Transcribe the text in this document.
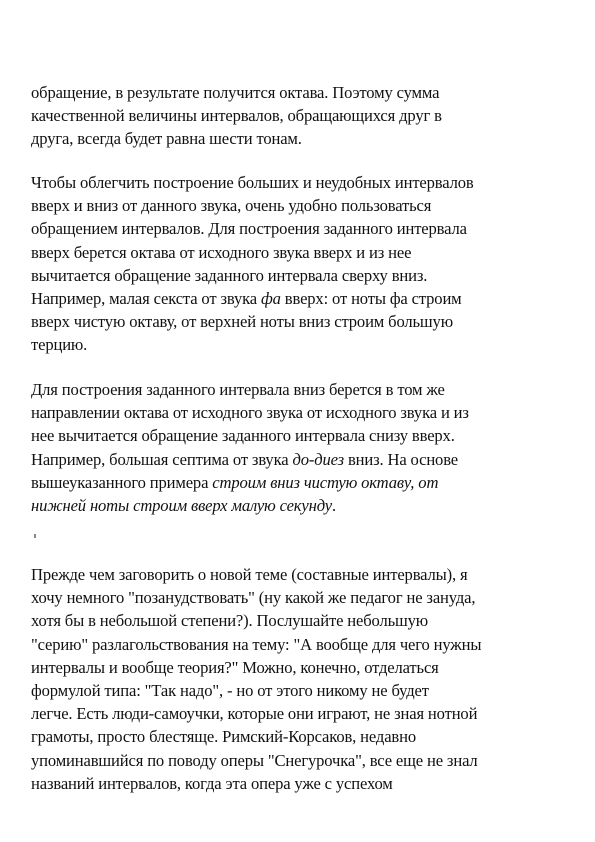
обращение, в результате получится октава. Поэтому сумма
качественной величины интервалов, обращающихся друг в
друга, всегда будет равна шести тонам.
Чтобы облегчить построение больших и неудобных интервалов
вверх и вниз от данного звука, очень удобно пользоваться
обращением интервалов. Для построения заданного интервала
вверх берется октава от исходного звука вверх и из нее
вычитается обращение заданного интервала сверху вниз.
Например, малая секста от звука фа вверх: от ноты фа строим
вверх чистую октаву, от верхней ноты вниз строим большую
терцию.
Для построения заданного интервала вниз берется в том же
направлении октава от исходного звука от исходного звука и из
нее вычитается обращение заданного интервала снизу вверх.
Например, большая септима от звука до-диез вниз. На основе
вышеуказанного примера строим вниз чистую октаву, от
нижней ноты строим вверх малую секунду.
Прежде чем заговорить о новой теме (составные интервалы), я
хочу немного "позанудствовать" (ну какой же педагог не зануда,
хотя бы в небольшой степени?). Послушайте небольшую
"серию" разлагольствования на тему: "А вообще для чего нужны
интервалы и вообще теория?" Можно, конечно, отделаться
формулой типа: "Так надо", - но от этого никому не будет
легче. Есть люди-самоучки, которые они играют, не зная нотной
грамоты, просто блестяще. Римский-Корсаков, недавно
упоминавшийся по поводу оперы "Снегурочка", все еще не знал
названий интервалов, когда эта опера уже с успехом
